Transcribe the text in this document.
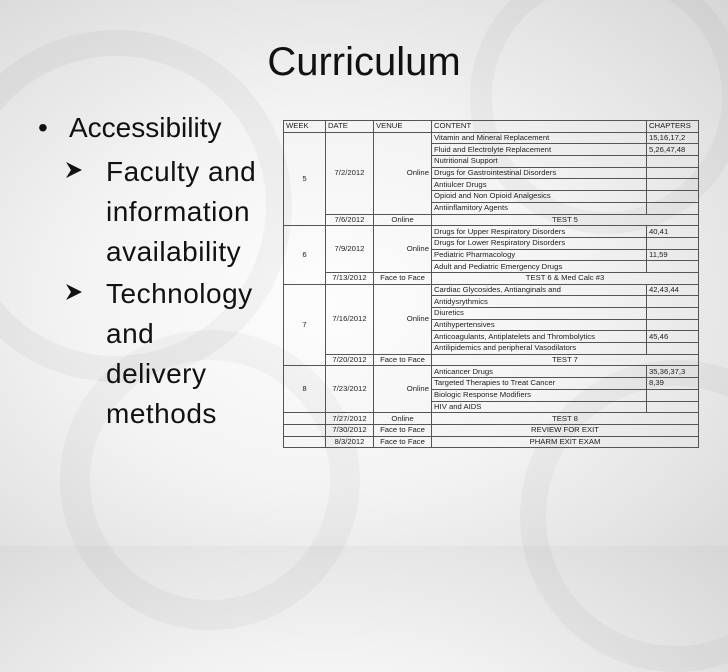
Curriculum
• Accessibility
Faculty and
information
availability
Technology
and
delivery
methods
WEEK	DATE	VENUE	CONTENT	CHAPTERS
5	7/2/2012	Online	Vitamin and Mineral Replacement	15,16,17,2
			Fluid and Electrolyte Replacement	5,26,47,48
			Nutritional Support	
			Drugs for Gastrointestinal Disorders	
			Antiulcer Drugs	
			Opioid and Non Opioid Analgesics	
			Antiinflamitory Agents	
	7/6/2012	Online	TEST 5	
6	7/9/2012	Online	Drugs for Upper Respiratory Disorders	40,41
			Drugs for Lower Respiratory Disorders	
			Pediatric Pharmacology	11,59
			Adult and Pediatric Emergency Drugs	
	7/13/2012	Face to Face	TEST 6 & Med Calc #3	
7	7/16/2012	Online	Cardiac Glycosides, Antianginals and	42,43,44
			Antidysrythmics	
			Diuretics	
			Antihypertensives	
			Anticoagulants, Antiplatelets and Thrombolytics	45,46
			Antilipidemics and peripheral Vasodilators	
	7/20/2012	Face to Face	TEST 7	
8	7/23/2012	Online	Anticancer Drugs	35,36,37,3
			Targeted Therapies to Treat Cancer	8,39
			Biologic Response Modifiers	
			HIV and AIDS	
	7/27/2012	Online	TEST 8	
	7/30/2012	Face to Face	REVIEW FOR EXIT	
	8/3/2012	Face to Face	PHARM EXIT EXAM	
